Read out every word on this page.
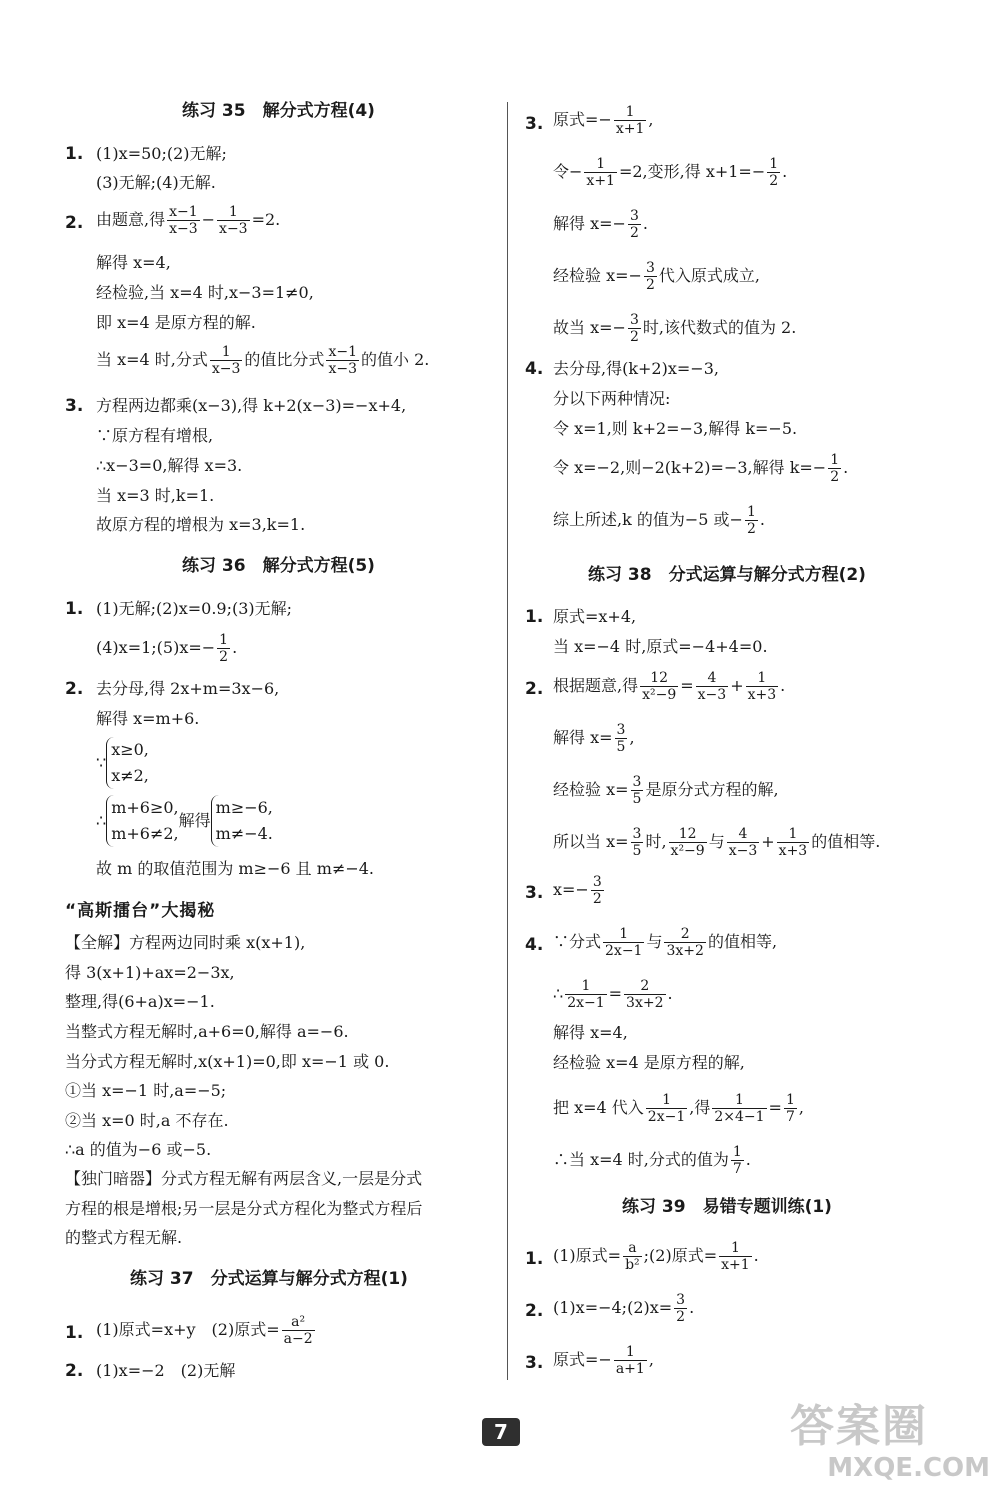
练习 35　解分式方程(4)
1. (1)x=50;(2)无解;
(3)无解;(4)无解.
2. 由题意,得 $\frac{x-1}{x-3} - \frac{1}{x-3} =2$.
解得 x=4,
经检验,当 x=4 时,x−3=1≠0,
即 x=4 是原方程的解.
当 x=4 时,分式 $\frac{1}{x-3}$ 的值比分式 $\frac{x-1}{x-3}$ 的值小 2.
3. 方程两边都乘(x−3),得 k+2(x−3)=−x+4,
∵原方程有增根,
∴x−3=0,解得 x=3.
当 x=3 时,k=1.
故原方程的增根为 x=3,k=1.
练习 36　解分式方程(5)
1. (1)无解;(2)x=0.9;(3)无解;
(4)x=1;(5)x=− $\frac{1}{2}$ .
2. 去分母,得 2x+m=3x−6,
解得 x=m+6.
∵x≥0,
x≠2,
∴m+6≥0,
m+6≠2,解得m≥−6,
m≠−4.
故 m 的取值范围为 m≥−6 且 m≠−4.
“高斯擂台”大揭秘
【全解】方程两边同时乘 x(x+1),
得 3(x+1)+ax=2−3x,
整理,得(6+a)x=−1.
当整式方程无解时,a+6=0,解得 a=−6.
当分式方程无解时,x(x+1)=0,即 x=−1 或 0.
①当 x=−1 时,a=−5;
②当 x=0 时,a 不存在.
∴a 的值为−6 或−5.
【独门暗器】分式方程无解有两层含义,一层是分式
方程的根是增根;另一层是分式方程化为整式方程后
的整式方程无解.
练习 37　分式运算与解分式方程(1)
1. (1)原式=x+y　(2)原式= $\frac{\text{a²}}{a-2}$
2. (1)x=−2　(2)无解
3. 原式=− $\frac{1}{x+1}$ ,
令− $\frac{1}{x+1} =2$,变形,得 $x+1=- \frac{1}{2}$ .
解得 $x=- \frac{3}{2}$ .
经检验 $x=- \frac{3}{2}$ 代入原式成立,
故当 $x=- \frac{3}{2}$ 时,该代数式的值为 2.
4. 去分母,得(k+2)x=−3,
分以下两种情况:
令 x=1,则 k+2=−3,解得 k=−5.
令 x=−2,则−2(k+2)=−3,解得 $k=- \frac{1}{2}$ .
综上所述,k 的值为−5 或− $\frac{1}{2}$ .
练习 38　分式运算与解分式方程(2)
1. 原式=x+4,
当 x=−4 时,原式=−4+4=0.
2. 根据题意,得 $\frac{12}{\text{x²−9}} = \frac{4}{x-3} + \frac{1}{x+3}$ .
解得 $x= \frac{3}{5}$ ,
经检验 $x= \frac{3}{5}$ 是原分式方程的解,
所以当 $x= \frac{3}{5}$ 时, $\frac{12}{\text{x²−9}}$ 与 $\frac{4}{x-3} + \frac{1}{x+3}$ 的值相等.
3. $x=- \frac{3}{2}$
4. ∵分式 $\frac{1}{2x-1}$ 与 $\frac{2}{3x+2}$ 的值相等,
∴ $\frac{1}{2x-1} = \frac{2}{3x+2}$ .
解得 x=4,
经检验 x=4 是原方程的解,
把 x=4 代入 $\frac{1}{2x-1}$ ,得 $\frac{1}{2\times 4-1} = \frac{1}{7}$ ,
∴当 x=4 时,分式的值为 $\frac{1}{7}$ .
练习 39　易错专题训练(1)
1. (1)原式= $\frac{a}{\text{b²}}$ ;(2)原式= $\frac{1}{x+1}$ .
2. (1)x=−4;(2)x= $\frac{3}{2}$ .
3. 原式=− $\frac{1}{a+1}$ ,
7	答案圈
MXQE.COM
